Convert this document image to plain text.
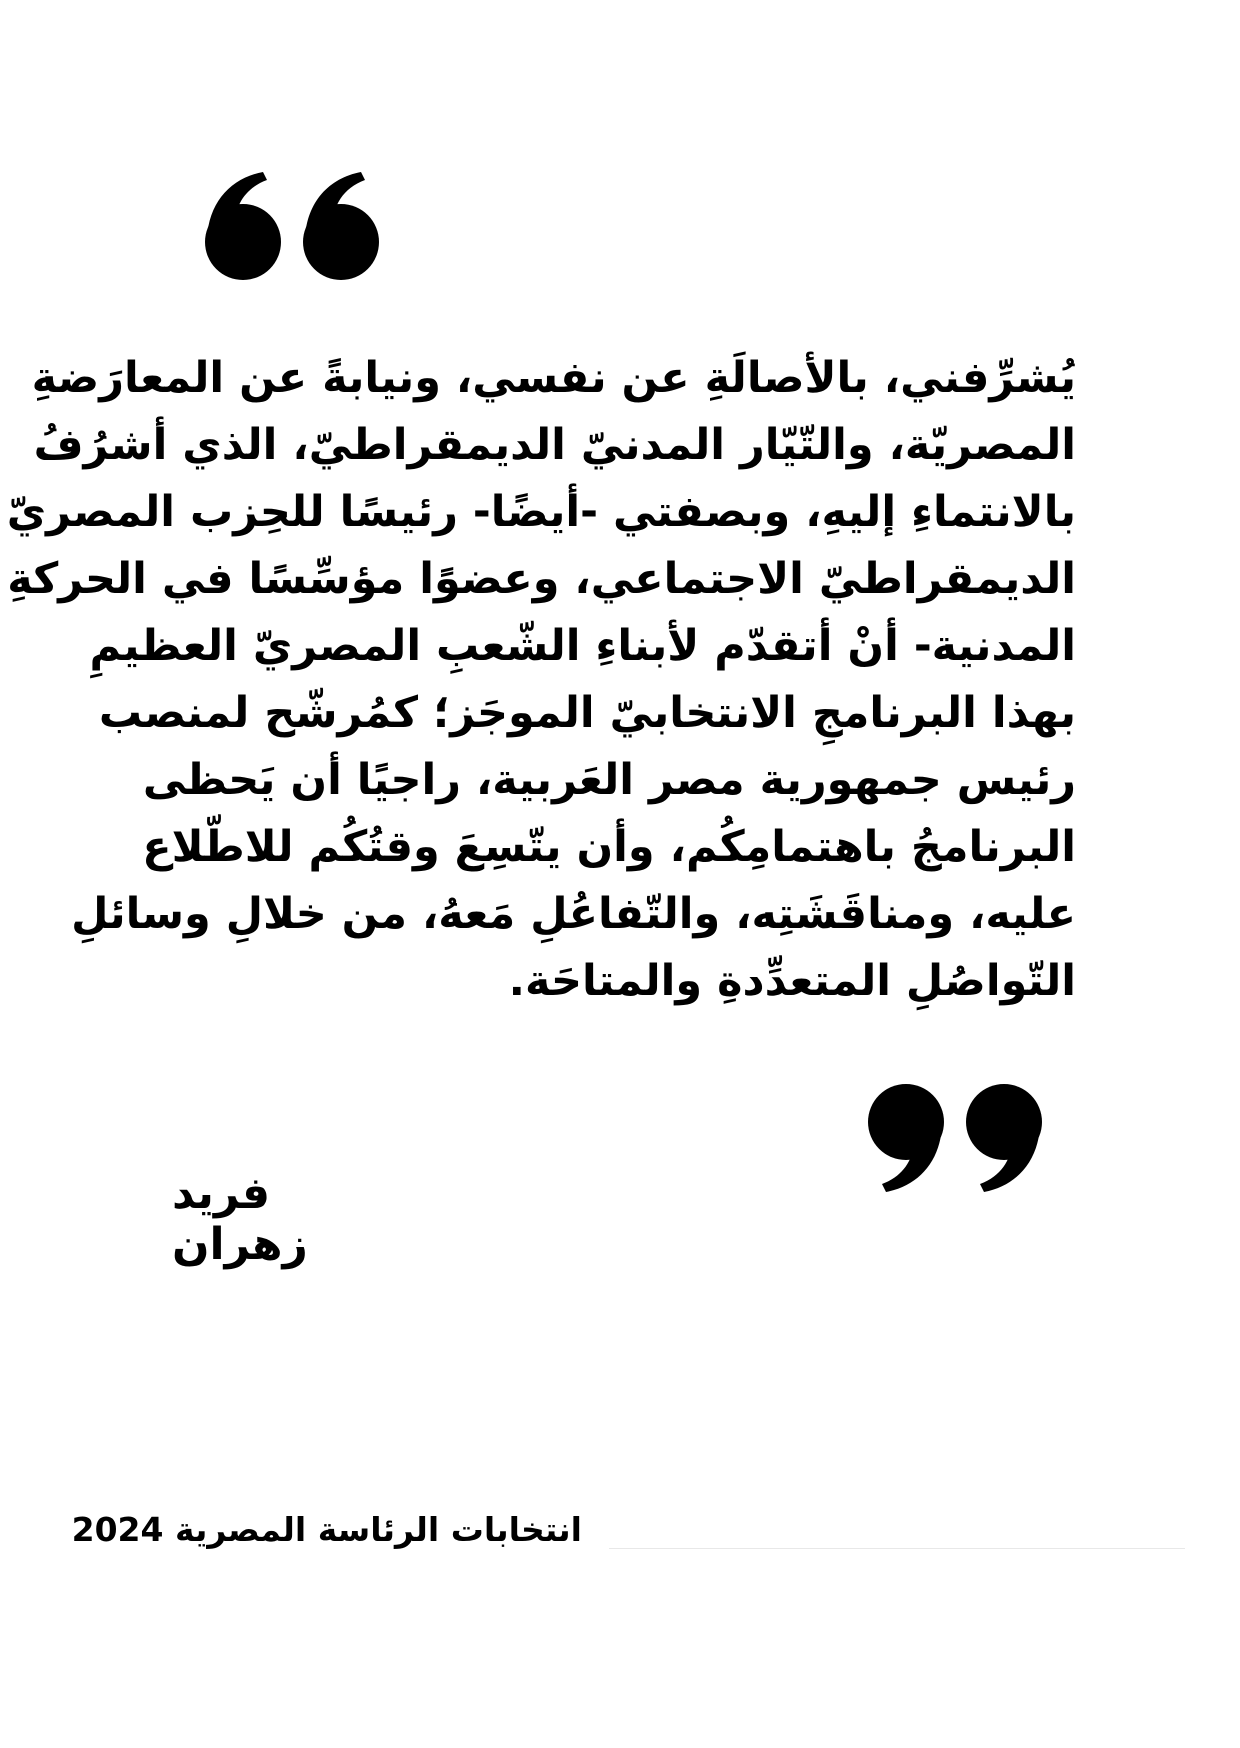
يُشرِّفني، بالأصالَةِ عن نفسي، ونيابةً عن المعارَضةِ
المصريّة، والتّيّار المدنيّ الديمقراطيّ، الذي أشرُفُ
بالانتماءِ إليهِ، وبصفتي -أيضًا- رئيسًا للحِزب المصريّ
الديمقراطيّ الاجتماعي، وعضوًا مؤسِّسًا في الحركةِ
المدنية- أنْ أتقدّم لأبناءِ الشّعبِ المصريّ العظيمِ
بهذا البرنامجِ الانتخابيّ الموجَز؛ كمُرشّح لمنصب
رئيس جمهورية مصر العَربية، راجيًا أن يَحظى
البرنامجُ باهتمامِكُم، وأن يتّسِعَ وقتُكُم للاطّلاع
عليه، ومناقَشَتِه، والتّفاعُلِ مَعهُ، من خلالِ وسائلِ
التّواصُلِ المتعدِّدةِ والمتاحَة.
فريد زهران
انتخابات الرئاسة المصرية 2024
